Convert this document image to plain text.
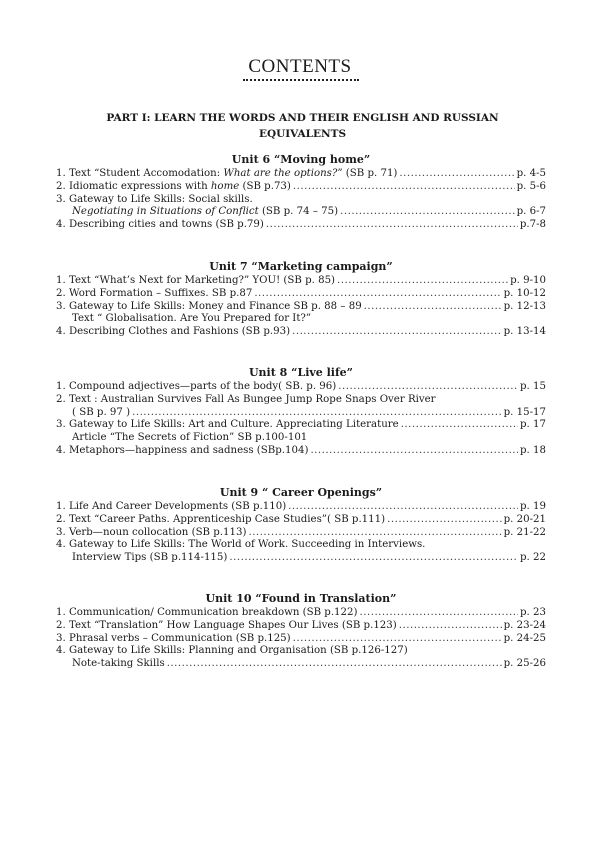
CONTENTS

PART I: LEARN THE WORDS AND THEIR ENGLISH AND RUSSIAN EQUIVALENTS

Unit 6 “Moving home”

1. Text “Student Accomodation: What are the options?” (SB p. 71) .....	p. 4-5
2. Idiomatic expressions with home (SB p.73) .....	p. 5-6
3. Gateway to Life Skills: Social skills.
Negotiating in Situations of Conflict (SB p. 74 – 75) .....	p. 6-7
4. Describing cities and towns (SB p.79) .....	p.7-8

Unit 7 “Marketing campaign”

1. Text “What’s Next for Marketing?” YOU! (SB p. 85) .....	p. 9-10
2. Word Formation – Suffixes. SB p.87 .....	p. 10-12
3. Gateway to Life Skills: Money and Finance SB p. 88 – 89 .....	p. 12-13
Text “ Globalisation. Are You Prepared for It?”
4. Describing Clothes and Fashions (SB p.93) .....	p. 13-14

Unit 8 “Live life”

1. Compound adjectives—parts of the body( SB. p. 96) .....	p. 15
2. Text : Australian Survives Fall As Bungee Jump Rope Snaps Over River
( SB p. 97 ) .....	p. 15-17
3. Gateway to Life Skills: Art and Culture. Appreciating Literature .....	p. 17
Article “The Secrets of Fiction” SB p.100-101
4. Metaphors—happiness and sadness (SBp.104) .....	p. 18

Unit 9 “ Career Openings”

1. Life And Career Developments (SB p.110) .....	p. 19
2. Text “Career Paths. Apprenticeship Case Studies”( SB p.111) .....	p. 20-21
3. Verb—noun collocation (SB p.113) .....	p. 21-22
4. Gateway to Life Skills: The World of Work. Succeeding in Interviews.
Interview Tips (SB p.114-115) .....	p. 22

Unit 10 “Found in Translation”

1. Communication/ Communication breakdown (SB p.122) .....	p. 23
2. Text “Translation” How Language Shapes Our Lives (SB p.123) .....	p. 23-24
3. Phrasal verbs – Communication (SB p.125) .....	p. 24-25
4. Gateway to Life Skills: Planning and Organisation (SB p.126-127)
Note-taking Skills .....	p. 25-26
